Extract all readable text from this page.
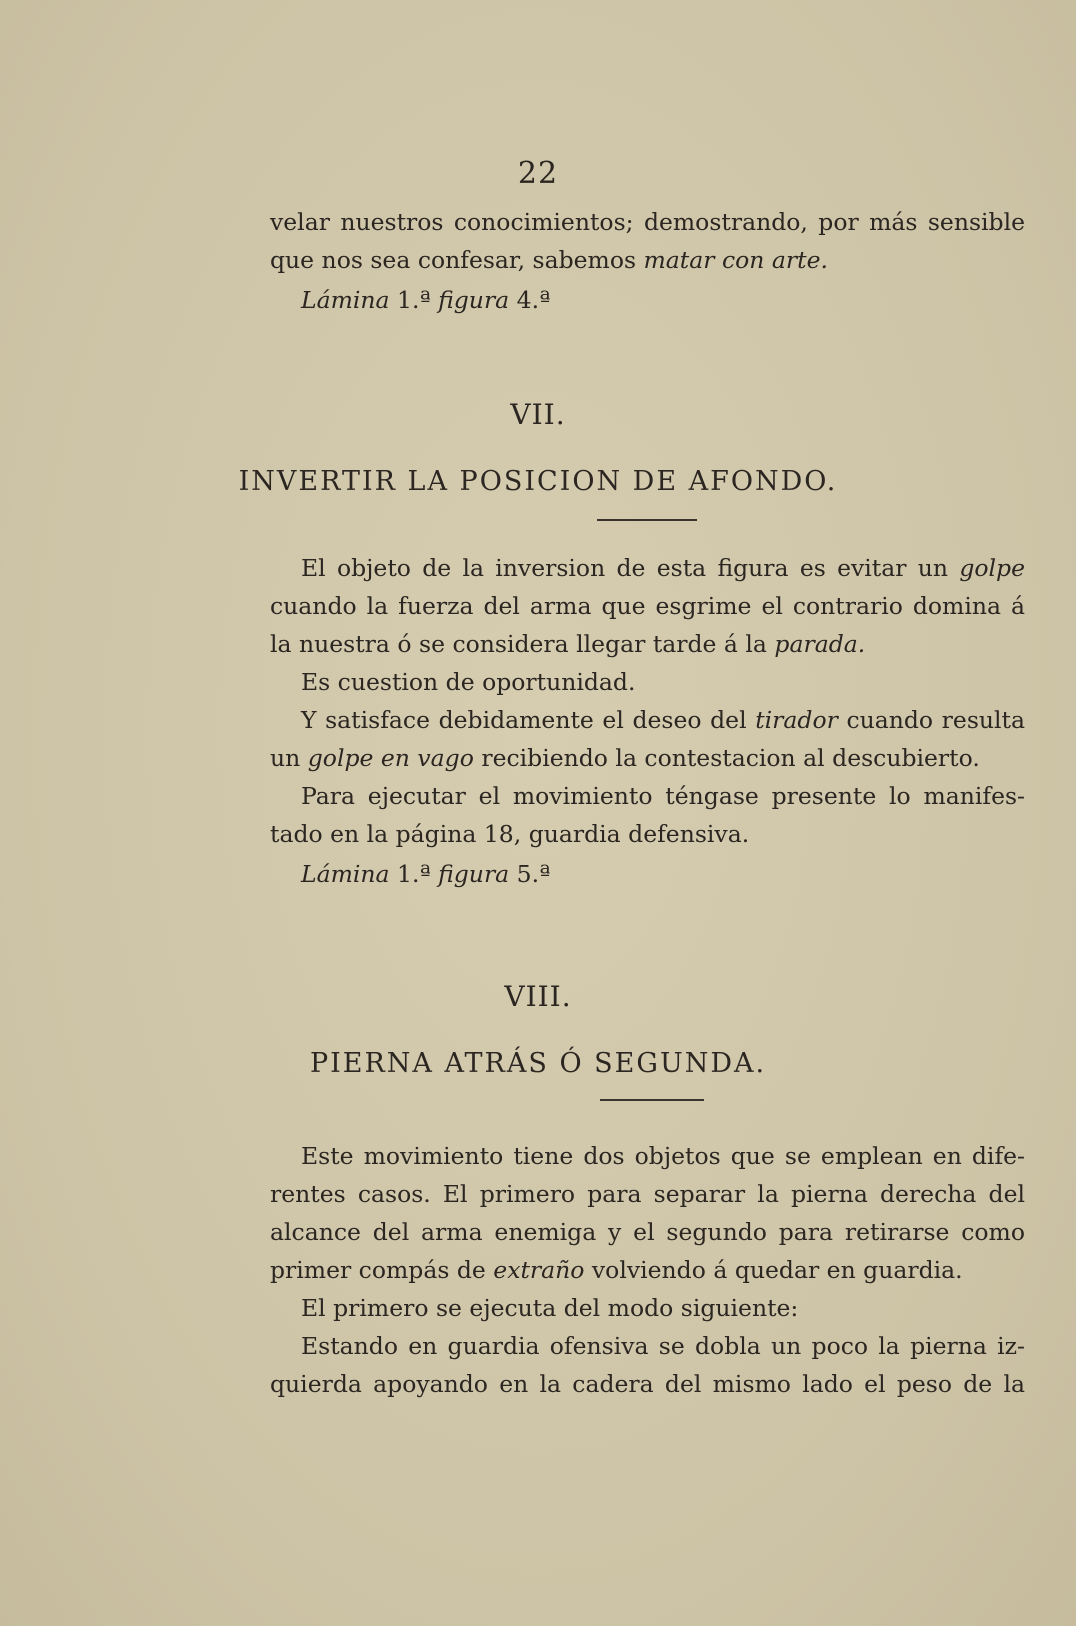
22
velar nuestros conocimientos; demostrando, por más sensible
que nos sea confesar, sabemos matar con arte.
Lámina 1.ª figura 4.ª
VII.
INVERTIR LA POSICION DE AFONDO.
El objeto de la inversion de esta figura es evitar un golpe
cuando la fuerza del arma que esgrime el contrario domina á
la nuestra ó se considera llegar tarde á la parada.
Es cuestion de oportunidad.
Y satisface debidamente el deseo del tirador cuando resulta
un golpe en vago recibiendo la contestacion al descubierto.
Para ejecutar el movimiento téngase presente lo manifes-
tado en la página 18, guardia defensiva.
Lámina 1.ª figura 5.ª
VIII.
PIERNA ATRÁS Ó SEGUNDA.
Este movimiento tiene dos objetos que se emplean en dife-
rentes casos. El primero para separar la pierna derecha del
alcance del arma enemiga y el segundo para retirarse como
primer compás de extraño volviendo á quedar en guardia.
El primero se ejecuta del modo siguiente:
Estando en guardia ofensiva se dobla un poco la pierna iz-
quierda apoyando en la cadera del mismo lado el peso de la
